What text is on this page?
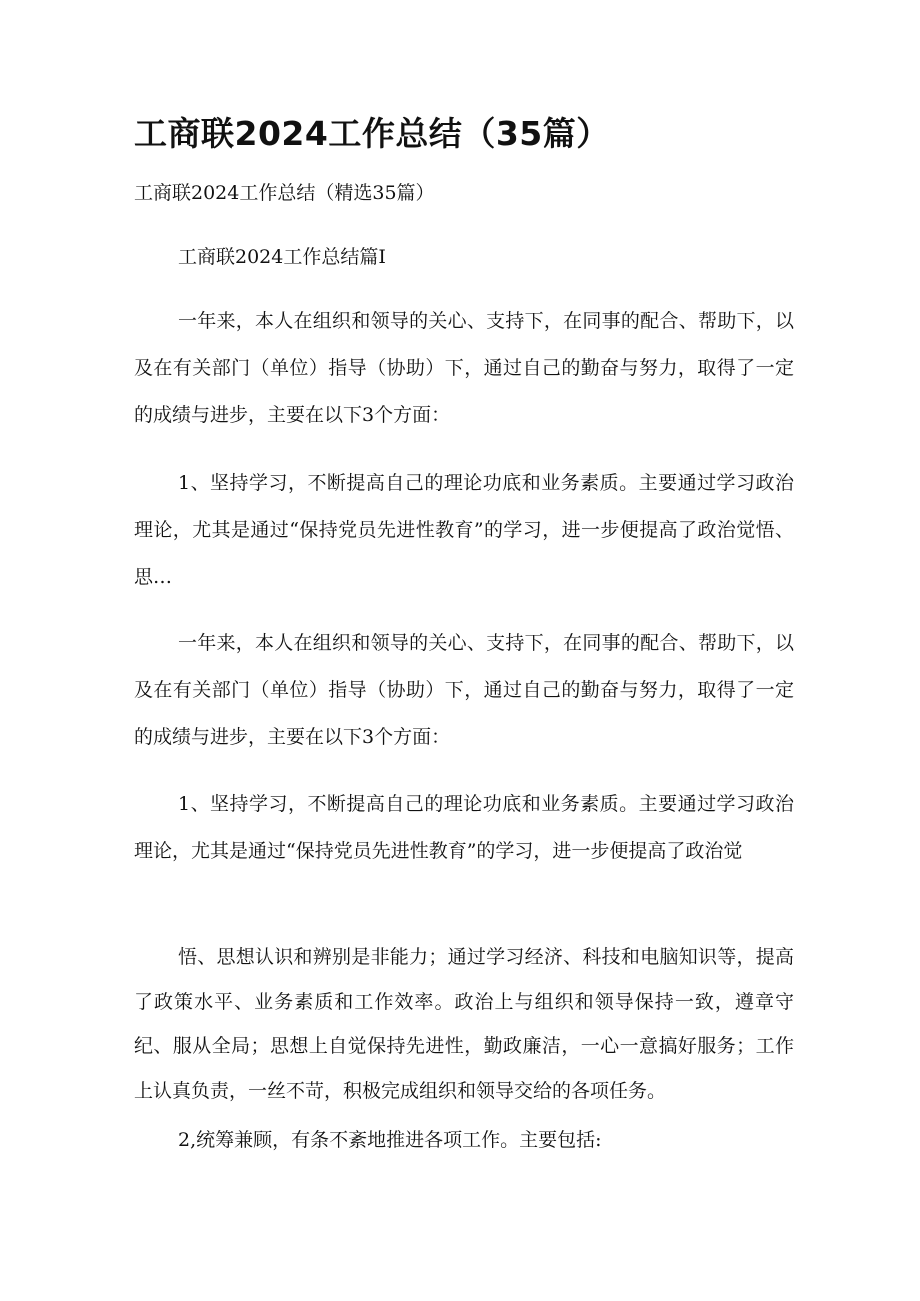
工商联2024工作总结（35篇）

工商联2024工作总结（精选35篇）

工商联2024工作总结篇I

一年来，本人在组织和领导的关心、支持下，在同事的配合、帮助下，以及在有关部门（单位）指导（协助）下，通过自己的勤奋与努力，取得了一定的成绩与进步，主要在以下3个方面：

1、坚持学习，不断提高自己的理论功底和业务素质。主要通过学习政治理论，尤其是通过“保持党员先进性教育”的学习，进一步便提高了政治觉悟、思…

一年来，本人在组织和领导的关心、支持下，在同事的配合、帮助下，以及在有关部门（单位）指导（协助）下，通过自己的勤奋与努力，取得了一定的成绩与进步，主要在以下3个方面：

1、坚持学习，不断提高自己的理论功底和业务素质。主要通过学习政治理论，尤其是通过“保持党员先进性教育”的学习，进一步便提高了政治觉

悟、思想认识和辨别是非能力；通过学习经济、科技和电脑知识等，提高了政策水平、业务素质和工作效率。政治上与组织和领导保持一致，遵章守纪、服从全局；思想上自觉保持先进性，勤政廉洁，一心一意搞好服务；工作上认真负责，一丝不苛，积极完成组织和领导交给的各项任务。

2,统筹兼顾，有条不紊地推进各项工作。主要包括:
